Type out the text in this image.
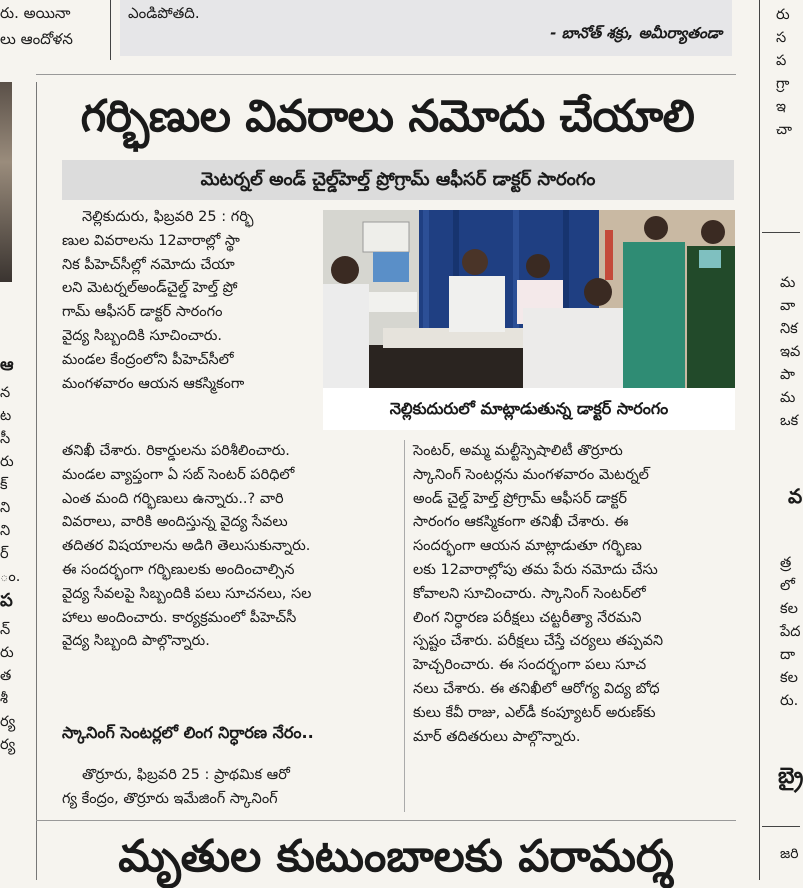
రు. అయినా
లు ఆందోళన
ఎండిపోతది.
- బానోత్ శక్రు, అమీర్యాతండా
ఆ
న
ట
సీ
రు
క్
ని
ని
ర్
ం.
ప
న్
రు
త
శీ
ర్య
ర్య
రు
స
ప
గ్రా
ఇ
చా
మ
వా
నిక
ఇవ
పా
మ
ఒక
వ
త్ర
లో
కల
పేద
దా
కల
రు.
బ్రై
జరి
గర్భిణుల వివరాలు నమోదు చేయాలి
మెటర్నల్ అండ్ చైల్డ్‌హెల్త్ ప్రోగ్రామ్ ఆఫీసర్ డాక్టర్ సారంగం
నెల్లికుదురులో మాట్లాడుతున్న డాక్టర్ సారంగం
నెల్లికుదురు, ఫిబ్రవరి 25 : గర్భి
ణుల వివరాలను 12వారాల్లో స్థా
నిక పీహెచ్‌సీల్లో నమోదు చేయా
లని మెటర్నల్‌అండ్‌చైల్డ్ హెల్త్ ప్రో
గామ్ ఆఫీసర్ డాక్టర్ సారంగం
వైద్య సిబ్బందికి సూచించారు.
మండల కేంద్రంలోని పీహెచ్‌సీలో
మంగళవారం ఆయన ఆకస్మికంగా
తనిఖీ చేశారు. రికార్డులను పరిశీలించారు.
మండల వ్యాప్తంగా ఏ సబ్ సెంటర్ పరిధిలో
ఎంత మంది గర్భిణులు ఉన్నారు..? వారి
వివరాలు, వారికి అందిస్తున్న వైద్య సేవలు
తదితర విషయాలను అడిగి తెలుసుకున్నారు.
ఈ సందర్భంగా గర్భిణులకు అందించాల్సిన
వైద్య సేవలపై సిబ్బందికి పలు సూచనలు, సల
హాలు అందించారు. కార్యక్రమంలో పీహెచ్‌సీ
వైద్య సిబ్బంది పాల్గొన్నారు.
స్కానింగ్ సెంటర్లలో లింగ నిర్ధారణ నేరం..
తొర్రూరు, ఫిబ్రవరి 25 : ప్రాథమిక ఆరో
గ్య కేంద్రం, తొర్రూరు ఇమేజింగ్ స్కానింగ్
సెంటర్, అమ్మ మల్టీస్పెషాలిటీ తొర్రూరు
స్కానింగ్ సెంటర్లను మంగళవారం మెటర్నల్
అండ్ చైల్డ్ హెల్త్ ప్రోగ్రామ్ ఆఫీసర్ డాక్టర్
సారంగం ఆకస్మికంగా తనిఖీ చేశారు. ఈ
సందర్భంగా ఆయన మాట్లాడుతూ గర్భిణు
లకు 12వారాల్లోపు తమ పేరు నమోదు చేసు
కోవాలని సూచించారు. స్కానింగ్ సెంటర్‌లో
లింగ నిర్ధారణ పరీక్షలు చట్టరీత్యా నేరమని
స్పష్టం చేశారు. పరీక్షలు చేస్తే చర్యలు తప్పవని
హెచ్చరించారు. ఈ సందర్భంగా పలు సూచ
నలు చేశారు. ఈ తనిఖీలో ఆరోగ్య విద్య బోధ
కులు కేవీ రాజు, ఎల్‌డీ కంప్యూటర్ అరుణ్‌కు
మార్ తదితరులు పాల్గొన్నారు.
మృతుల కుటుంబాలకు పరామర్శ
